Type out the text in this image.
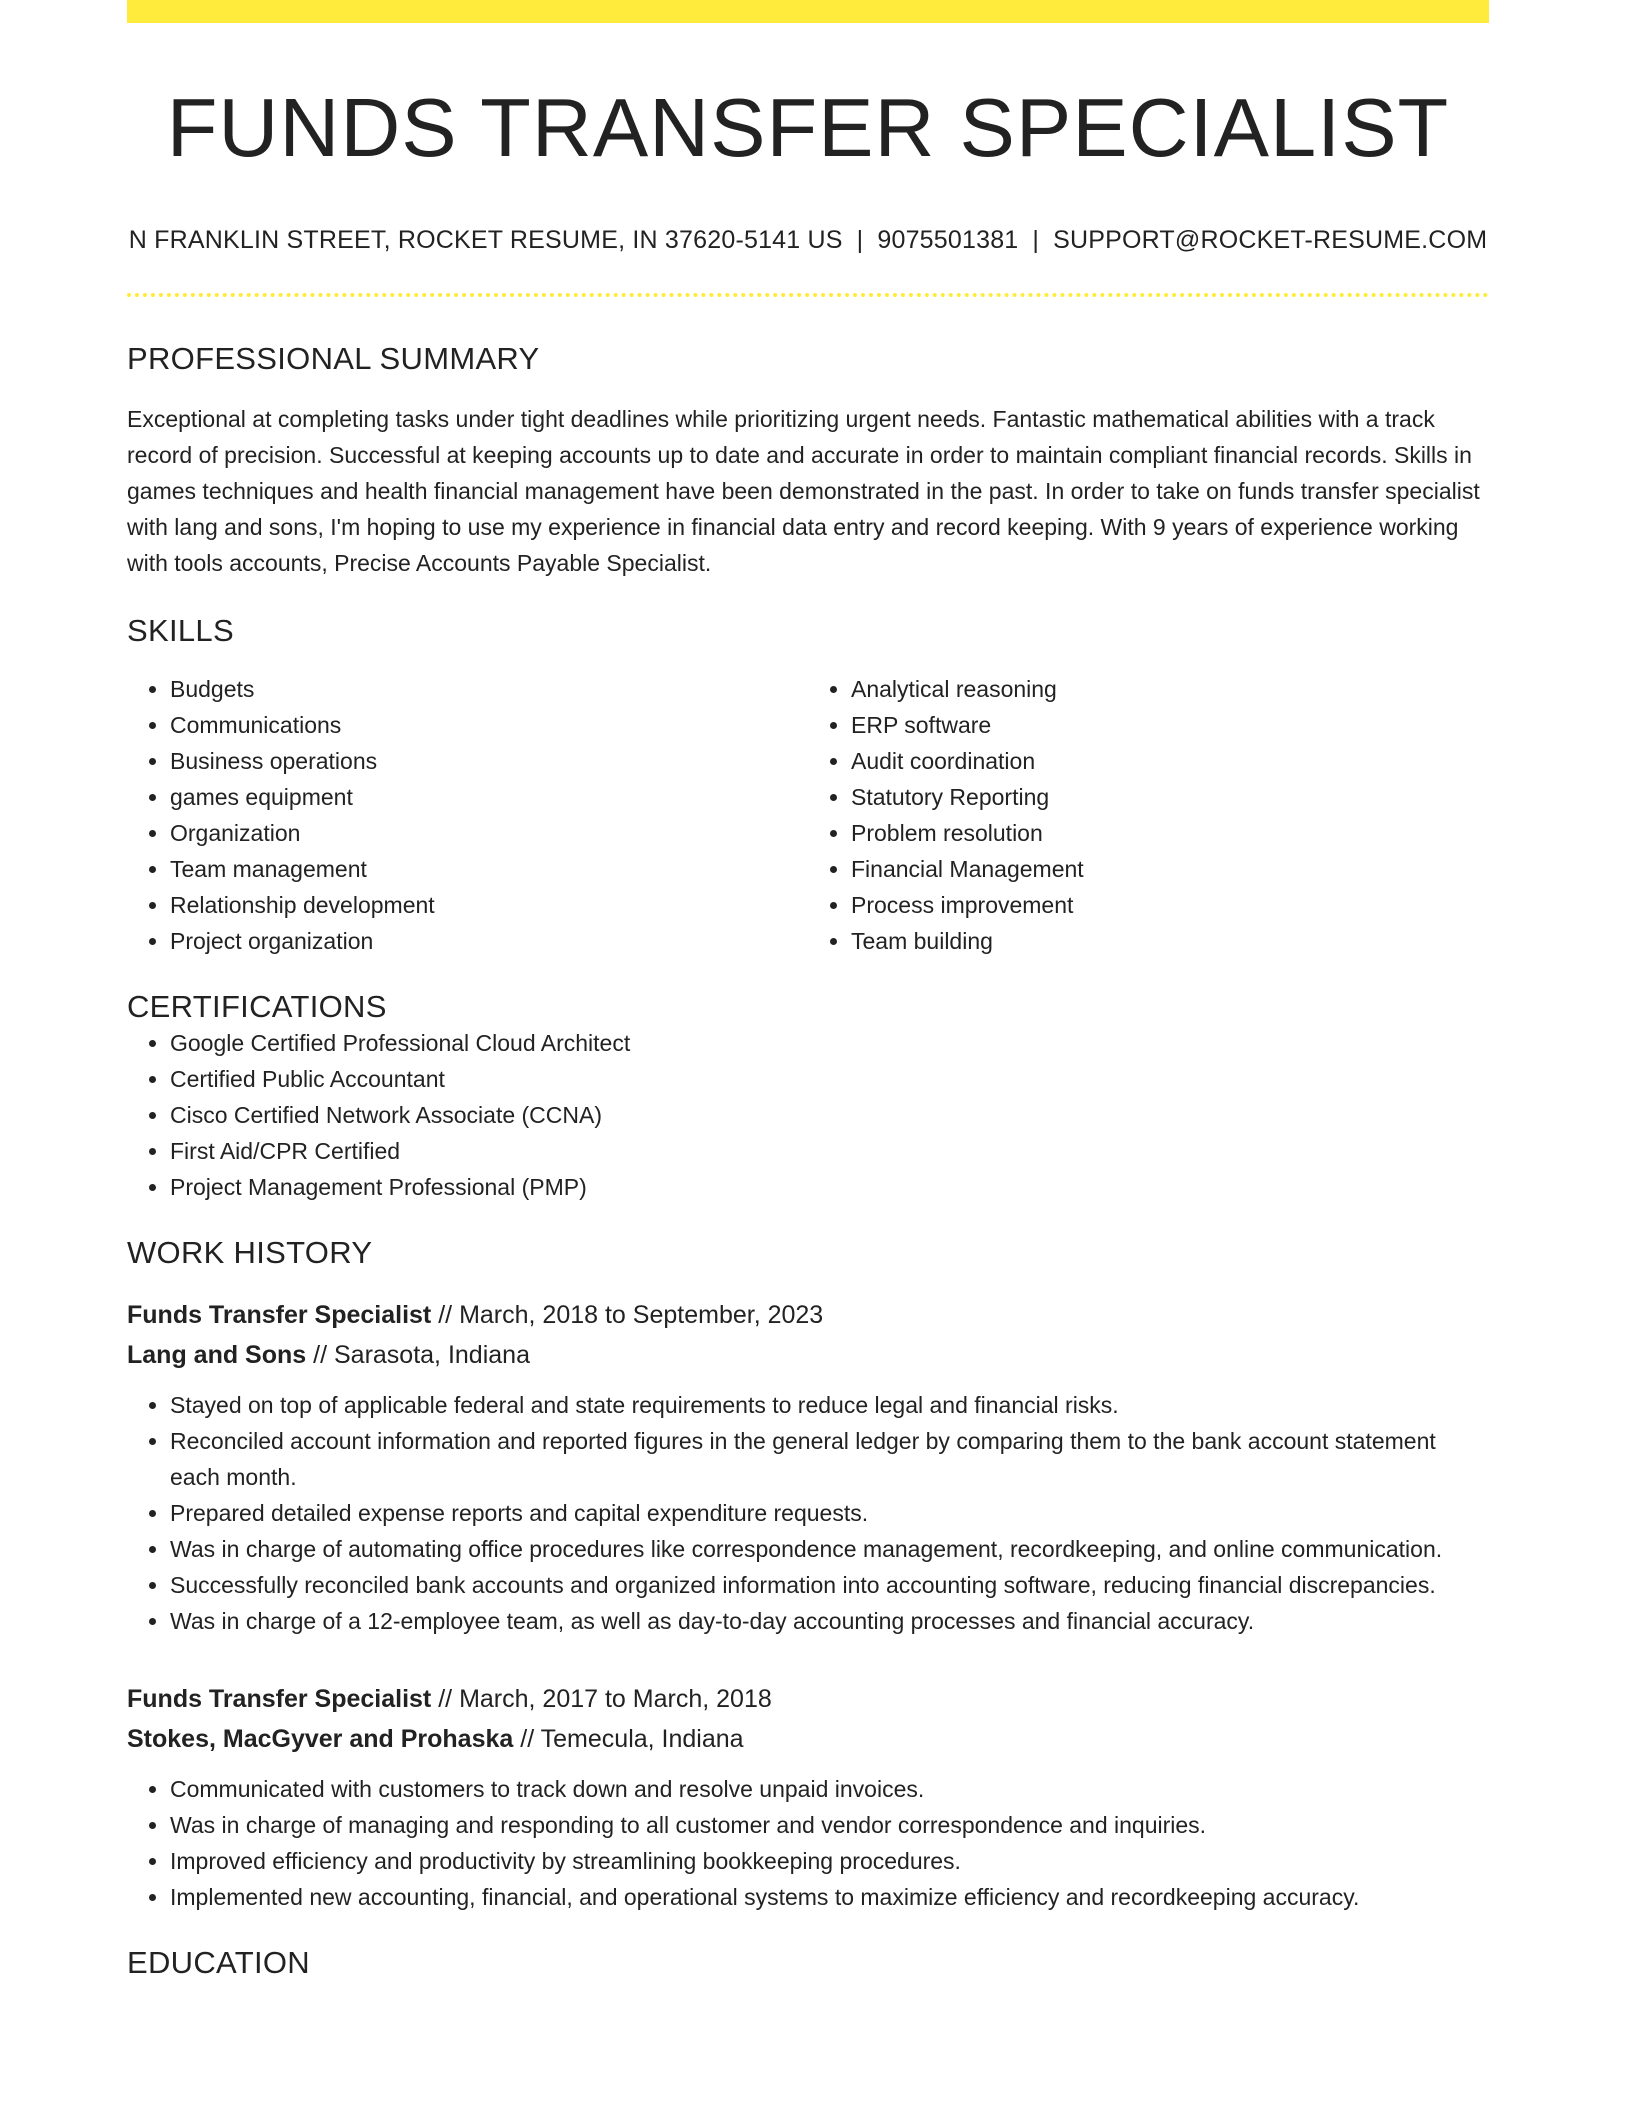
FUNDS TRANSFER SPECIALIST
N FRANKLIN STREET, ROCKET RESUME, IN 37620-5141 US | 9075501381 | SUPPORT@ROCKET-RESUME.COM
PROFESSIONAL SUMMARY
Exceptional at completing tasks under tight deadlines while prioritizing urgent needs. Fantastic mathematical abilities with a track record of precision. Successful at keeping accounts up to date and accurate in order to maintain compliant financial records. Skills in games techniques and health financial management have been demonstrated in the past. In order to take on funds transfer specialist with lang and sons, I'm hoping to use my experience in financial data entry and record keeping. With 9 years of experience working with tools accounts, Precise Accounts Payable Specialist.
SKILLS
• Budgets
• Communications
• Business operations
• games equipment
• Organization
• Team management
• Relationship development
• Project organization
• Analytical reasoning
• ERP software
• Audit coordination
• Statutory Reporting
• Problem resolution
• Financial Management
• Process improvement
• Team building
CERTIFICATIONS
• Google Certified Professional Cloud Architect
• Certified Public Accountant
• Cisco Certified Network Associate (CCNA)
• First Aid/CPR Certified
• Project Management Professional (PMP)
WORK HISTORY
Funds Transfer Specialist // March, 2018 to September, 2023
Lang and Sons // Sarasota, Indiana
• Stayed on top of applicable federal and state requirements to reduce legal and financial risks.
• Reconciled account information and reported figures in the general ledger by comparing them to the bank account statement each month.
• Prepared detailed expense reports and capital expenditure requests.
• Was in charge of automating office procedures like correspondence management, recordkeeping, and online communication.
• Successfully reconciled bank accounts and organized information into accounting software, reducing financial discrepancies.
• Was in charge of a 12-employee team, as well as day-to-day accounting processes and financial accuracy.
Funds Transfer Specialist // March, 2017 to March, 2018
Stokes, MacGyver and Prohaska // Temecula, Indiana
• Communicated with customers to track down and resolve unpaid invoices.
• Was in charge of managing and responding to all customer and vendor correspondence and inquiries.
• Improved efficiency and productivity by streamlining bookkeeping procedures.
• Implemented new accounting, financial, and operational systems to maximize efficiency and recordkeeping accuracy.
EDUCATION
